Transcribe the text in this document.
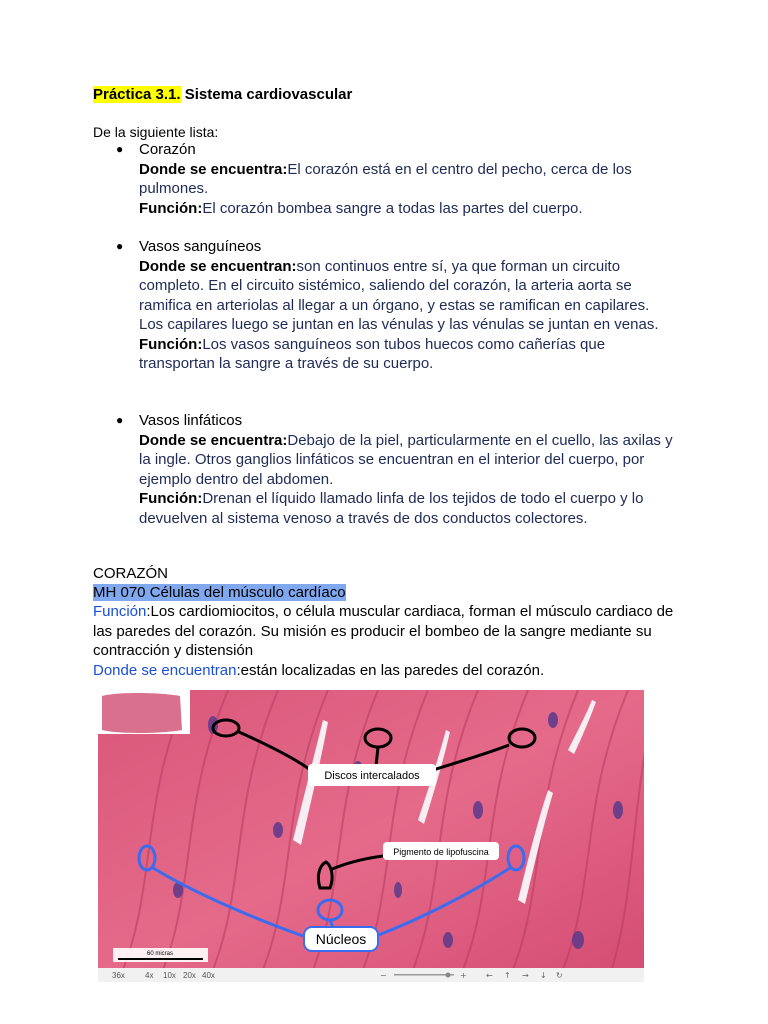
Práctica 3.1. Sistema cardiovascular
De la siguiente lista:
● Corazón
Donde se encuentra:El corazón está en el centro del pecho, cerca de los pulmones.
Función:El corazón bombea sangre a todas las partes del cuerpo.
● Vasos sanguíneos
Donde se encuentran:son continuos entre sí, ya que forman un circuito completo. En el circuito sistémico, saliendo del corazón, la arteria aorta se ramifica en arteriolas al llegar a un órgano, y estas se ramifican en capilares. Los capilares luego se juntan en las vénulas y las vénulas se juntan en venas.
Función:Los vasos sanguíneos son tubos huecos como cañerías que transportan la sangre a través de su cuerpo.
● Vasos linfáticos
Donde se encuentra:Debajo de la piel, particularmente en el cuello, las axilas y la ingle. Otros ganglios linfáticos se encuentran en el interior del cuerpo, por ejemplo dentro del abdomen.
Función:Drenan el líquido llamado linfa de los tejidos de todo el cuerpo y lo devuelven al sistema venoso a través de dos conductos colectores.
CORAZÓN
MH 070 Células del músculo cardíaco
Función:Los cardiomiocitos, o célula muscular cardiaca, forman el músculo cardiaco de las paredes del corazón. Su misión es producir el bombeo de la sangre mediante su contracción y distensión
Donde se encuentran:están localizadas en las paredes del corazón.
Discos intercalados
Pigmento de lipofuscina
Núcleos
60 micras
36x	4x 10x 20x 40x	−	+ ← ↑ → ↓ ↻
